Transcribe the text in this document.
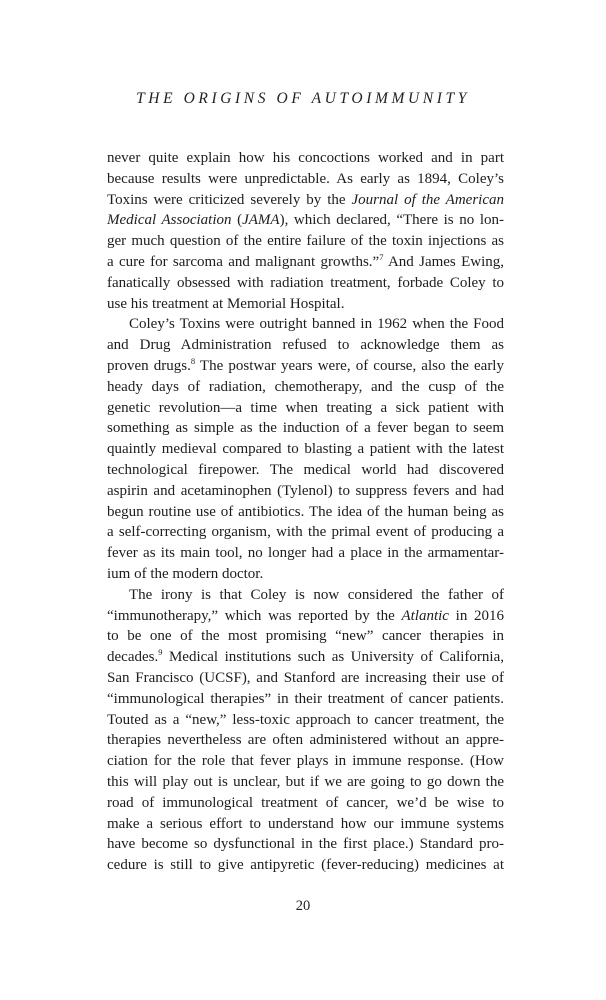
THE ORIGINS OF AUTOIMMUNITY
never quite explain how his concoctions worked and in part
because results were unpredictable. As early as 1894, Coley’s
Toxins were criticized severely by the Journal of the American
Medical Association (JAMA), which declared, “There is no lon-
ger much question of the entire failure of the toxin injections as
a cure for sarcoma and malignant growths.”$^7$ And James Ewing,
fanatically obsessed with radiation treatment, forbade Coley to
use his treatment at Memorial Hospital.
Coley’s Toxins were outright banned in 1962 when the Food
and Drug Administration refused to acknowledge them as
proven drugs.$^8$ The postwar years were, of course, also the early
heady days of radiation, chemotherapy, and the cusp of the
genetic revolution—a time when treating a sick patient with
something as simple as the induction of a fever began to seem
quaintly medieval compared to blasting a patient with the latest
technological firepower. The medical world had discovered
aspirin and acetaminophen (Tylenol) to suppress fevers and had
begun routine use of antibiotics. The idea of the human being as
a self-correcting organism, with the primal event of producing a
fever as its main tool, no longer had a place in the armamentar-
ium of the modern doctor.
The irony is that Coley is now considered the father of
“immunotherapy,” which was reported by the Atlantic in 2016
to be one of the most promising “new” cancer therapies in
decades.$^9$ Medical institutions such as University of California,
San Francisco (UCSF), and Stanford are increasing their use of
“immunological therapies” in their treatment of cancer patients.
Touted as a “new,” less-toxic approach to cancer treatment, the
therapies nevertheless are often administered without an appre-
ciation for the role that fever plays in immune response. (How
this will play out is unclear, but if we are going to go down the
road of immunological treatment of cancer, we’d be wise to
make a serious effort to understand how our immune systems
have become so dysfunctional in the first place.) Standard pro-
cedure is still to give antipyretic (fever-reducing) medicines at
20
